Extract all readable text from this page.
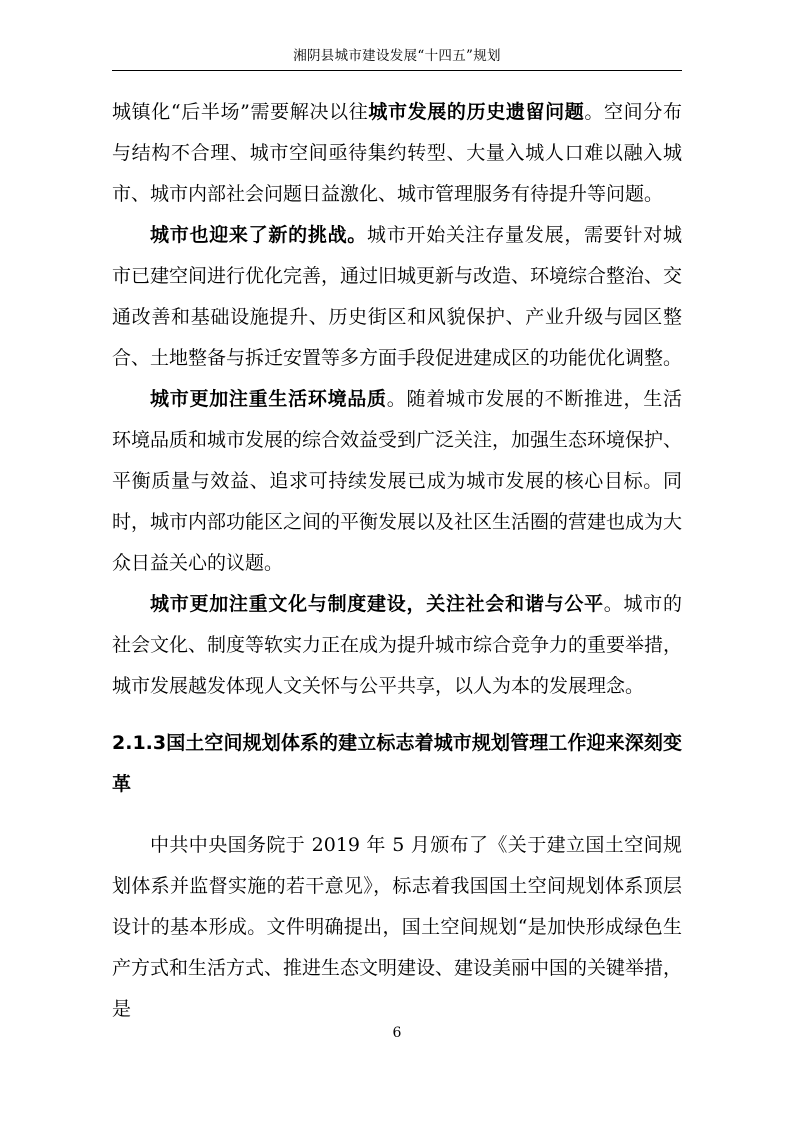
湘阴县城市建设发展“十四五”规划

城镇化“后半场”需要解决以往城市发展的历史遗留问题。空间分布与结构不合理、城市空间亟待集约转型、大量入城人口难以融入城市、城市内部社会问题日益激化、城市管理服务有待提升等问题。

城市也迎来了新的挑战。城市开始关注存量发展，需要针对城市已建空间进行优化完善，通过旧城更新与改造、环境综合整治、交通改善和基础设施提升、历史街区和风貌保护、产业升级与园区整合、土地整备与拆迁安置等多方面手段促进建成区的功能优化调整。

城市更加注重生活环境品质。随着城市发展的不断推进，生活环境品质和城市发展的综合效益受到广泛关注，加强生态环境保护、平衡质量与效益、追求可持续发展已成为城市发展的核心目标。同时，城市内部功能区之间的平衡发展以及社区生活圈的营建也成为大众日益关心的议题。

城市更加注重文化与制度建设，关注社会和谐与公平。城市的社会文化、制度等软实力正在成为提升城市综合竞争力的重要举措，城市发展越发体现人文关怀与公平共享，以人为本的发展理念。

2.1.3国土空间规划体系的建立标志着城市规划管理工作迎来深刻变革

中共中央国务院于 2019 年 5 月颁布了《关于建立国土空间规划体系并监督实施的若干意见》，标志着我国国土空间规划体系顶层设计的基本形成。文件明确提出，国土空间规划“是加快形成绿色生产方式和生活方式、推进生态文明建设、建设美丽中国的关键举措，是

6
